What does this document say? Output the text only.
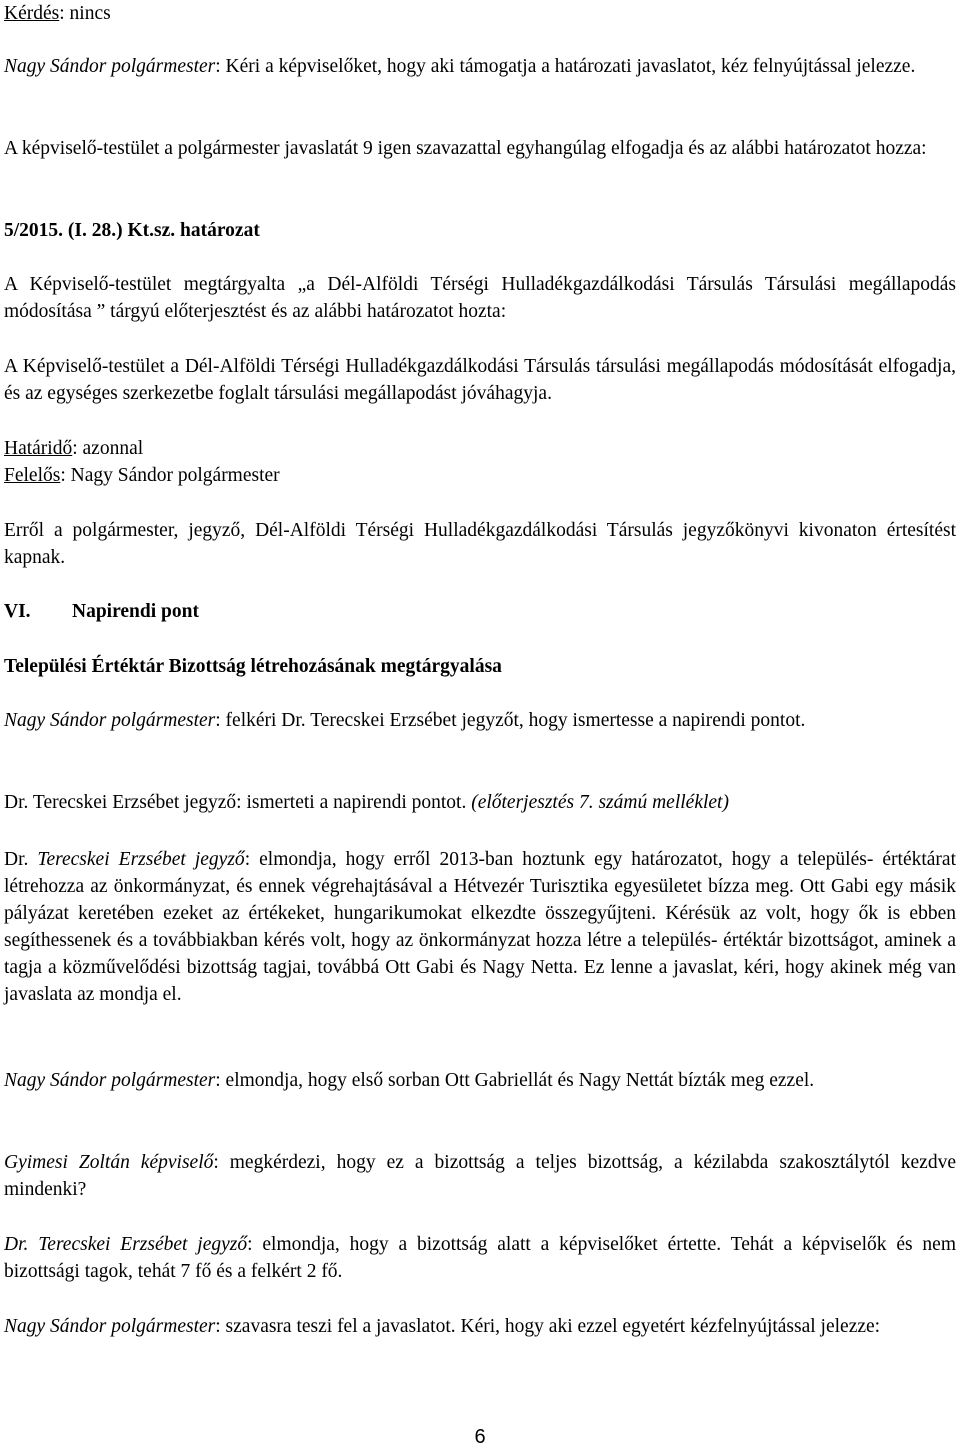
Kérdés: nincs

Nagy Sándor polgármester: Kéri a képviselőket, hogy aki támogatja a határozati javaslatot, kéz felnyújtással jelezze.

A képviselő-testület a polgármester javaslatát 9 igen szavazattal egyhangúlag elfogadja és az alábbi határozatot hozza:

5/2015. (I. 28.) Kt.sz. határozat

A Képviselő-testület megtárgyalta „a Dél-Alföldi Térségi Hulladékgazdálkodási Társulás Társulási megállapodás módosítása ” tárgyú előterjesztést és az alábbi határozatot hozta:

A Képviselő-testület a Dél-Alföldi Térségi Hulladékgazdálkodási Társulás társulási megállapodás módosítását elfogadja, és az egységes szerkezetbe foglalt társulási megállapodást jóváhagyja.

Határidő: azonnal

Felelős: Nagy Sándor polgármester

Erről a polgármester, jegyző, Dél-Alföldi Térségi Hulladékgazdálkodási Társulás jegyzőkönyvi kivonaton értesítést kapnak.

VI. Napirendi pont

Települési Értéktár Bizottság létrehozásának megtárgyalása

Nagy Sándor polgármester: felkéri Dr. Terecskei Erzsébet jegyzőt, hogy ismertesse a napirendi pontot.

Dr. Terecskei Erzsébet jegyző: ismerteti a napirendi pontot. (előterjesztés 7. számú melléklet)

Dr. Terecskei Erzsébet jegyző: elmondja, hogy erről 2013-ban hoztunk egy határozatot, hogy a település- értéktárat létrehozza az önkormányzat, és ennek végrehajtásával a Hétvezér Turisztika egyesületet bízza meg. Ott Gabi egy másik pályázat keretében ezeket az értékeket, hungarikumokat elkezdte összegyűjteni. Kérésük az volt, hogy ők is ebben segíthessenek és a továbbiakban kérés volt, hogy az önkormányzat hozza létre a település- értéktár bizottságot, aminek a tagja a közművelődési bizottság tagjai, továbbá Ott Gabi és Nagy Netta. Ez lenne a javaslat, kéri, hogy akinek még van javaslata az mondja el.

Nagy Sándor polgármester: elmondja, hogy első sorban Ott Gabriellát és Nagy Nettát bízták meg ezzel.

Gyimesi Zoltán képviselő: megkérdezi, hogy ez a bizottság a teljes bizottság, a kézilabda szakosztálytól kezdve mindenki?

Dr. Terecskei Erzsébet jegyző: elmondja, hogy a bizottság alatt a képviselőket értette. Tehát a képviselők és nem bizottsági tagok, tehát 7 fő és a felkért 2 fő.

Nagy Sándor polgármester: szavasra teszi fel a javaslatot. Kéri, hogy aki ezzel egyetért kézfelnyújtással jelezze:

6
